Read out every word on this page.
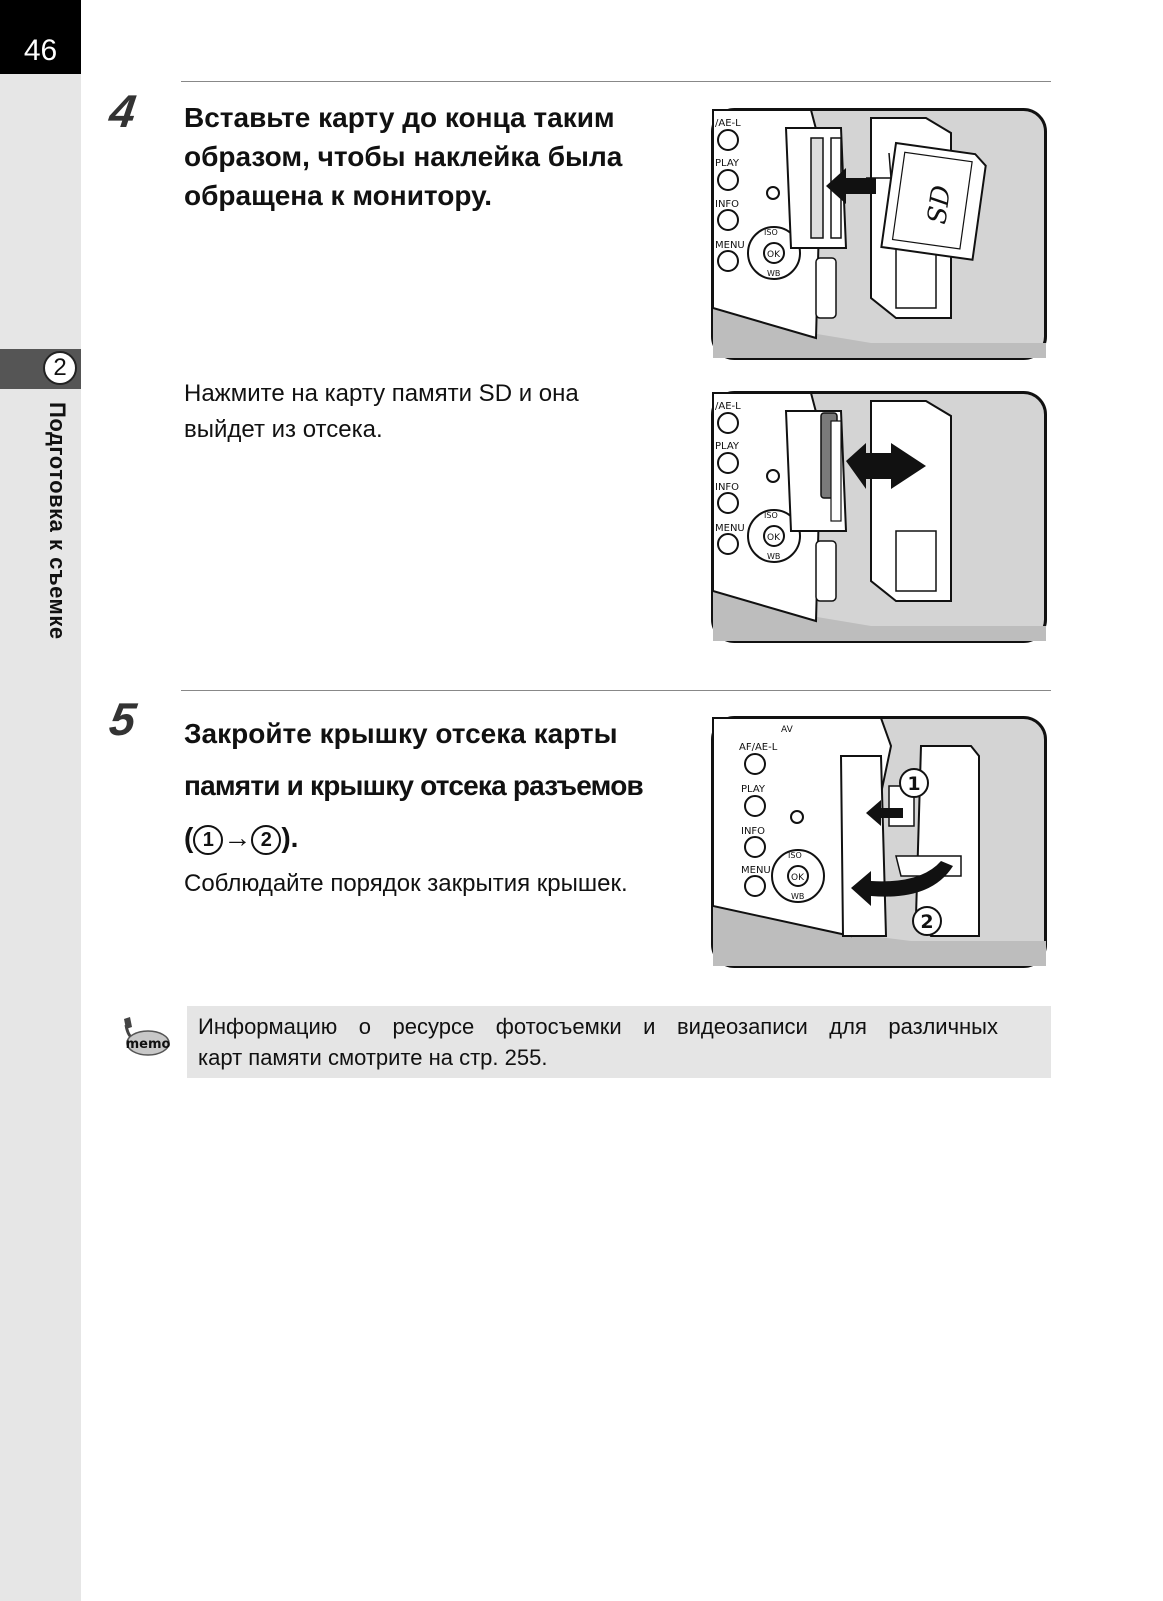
46
2
Подготовка к съемке
4 Вставьте карту до конца таким
образом, чтобы наклейка была
обращена к монитору.
Нажмите на карту памяти SD и она
выйдет из отсека.
/AE-L
PLAY
INFO
MENU
OK
ISO
WB
SD
/AE-L
PLAY
INFO
MENU
OK
ISO
WB
5 Закройте крышку отсека карты
памяти и крышку отсека разъемов
( 1 → 2 ).
Соблюдайте порядок закрытия крышек.
AV
AF/AE-L
PLAY
INFO
MENU
OK
ISO
WB
1
2
memo
Информацию о ресурсе фотосъемки и видеозаписи для различных
карт памяти смотрите на стр. 255.
